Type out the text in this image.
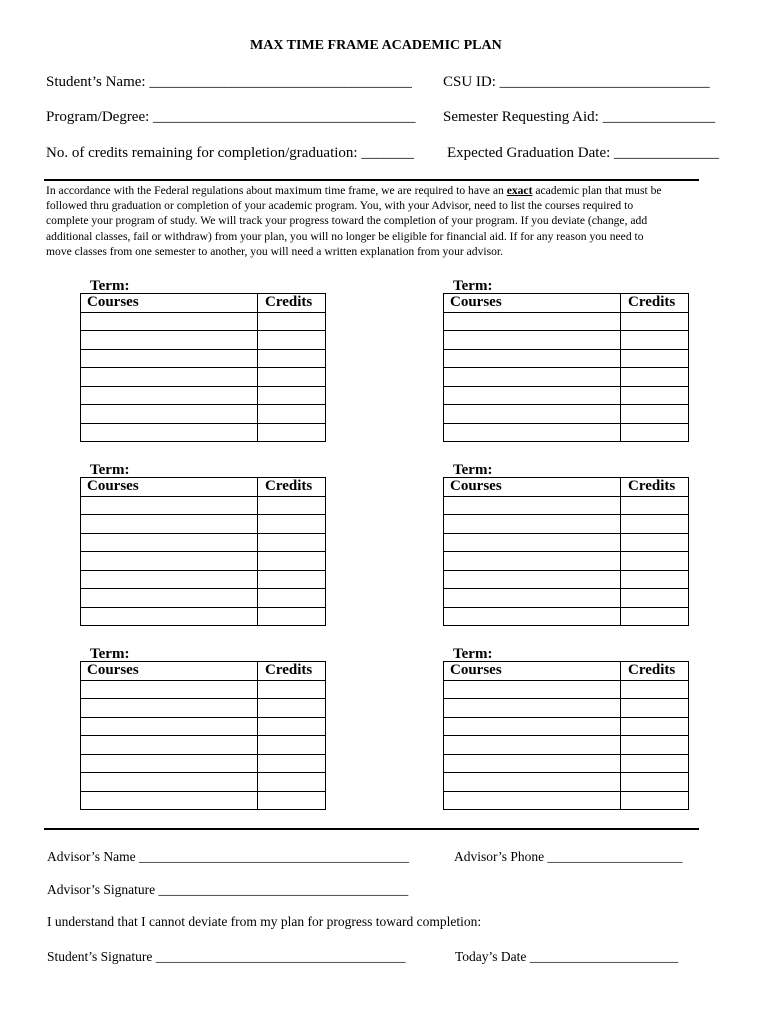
MAX TIME FRAME ACADEMIC PLAN
Student’s Name: ___________________________________ CSU ID: ____________________________
Program/Degree: ___________________________________ Semester Requesting Aid: _______________
No. of credits remaining for completion/graduation: _______ Expected Graduation Date: ______________

In accordance with the Federal regulations about maximum time frame, we are required to have an exact academic plan that must be

followed thru graduation or completion of your academic program. You, with your Advisor, need to list the courses required to

complete your program of study. We will track your progress toward the completion of your program. If you deviate (change, add

additional classes, fail or withdraw) from your plan, you will no longer be eligible for financial aid. If for any reason you need to

move classes from one semester to another, you will need a written explanation from your advisor.

Term:
Courses	Credits

Term:
Courses	Credits

Term:
Courses	Credits

Term:
Courses	Credits

Term:
Courses	Credits

Term:
Courses	Credits

Advisor’s Name ________________________________________	Advisor’s Phone ____________________
Advisor’s Signature _____________________________________
I understand that I cannot deviate from my plan for progress toward completion:
Student’s Signature _____________________________________	Today’s Date ______________________
